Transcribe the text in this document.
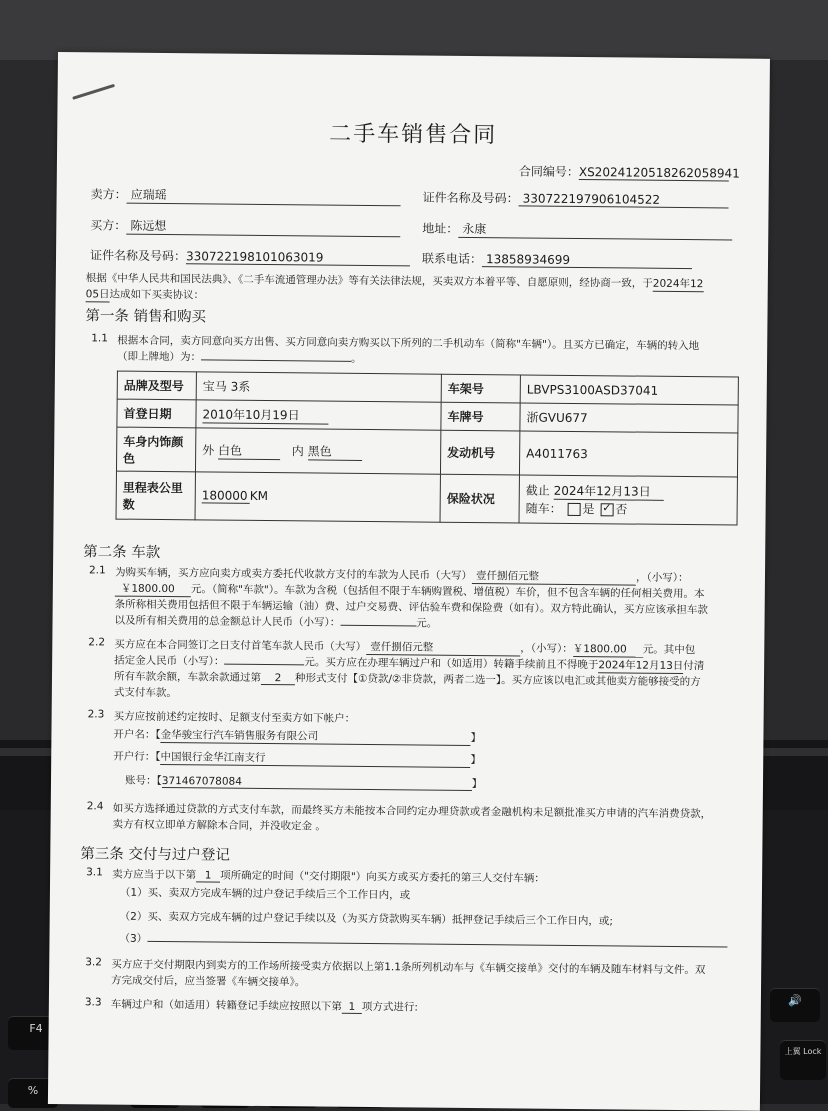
F4
%
🔊
上翼 Lock
二手车销售合同
合同编号：XS2024120518262058941
卖方： 应瑞瑶	证件名称及号码： 330722197906104522
买方： 陈远想	地址： 永康
证件名称及号码：330722198101063019	联系电话： 13858934699
根据《中华人民共和国民法典》、《二手车流通管理办法》等有关法律法规，买卖双方本着平等、自愿原则，经协商一致，于2024年12
05日达成如下买卖协议：
第一条 销售和购买
1.1 根据本合同，卖方同意向买方出售、买方同意向卖方购买以下所列的二手机动车（简称"车辆"）。且买方已确定，车辆的转入地
（即上牌地）为：	。
品牌及型号	宝马 3系	车架号	LBVPS3100ASD37041
首登日期	2010年10月19日	车牌号	浙GVU677
车身内饰颜色	外 白色 内 黑色	发动机号	A4011763
里程表公里数	180000 KM	保险状况	截止 2024年12月13日
随车： 是 ✓ 否
第二条 车款
2.1 为购买车辆，买方应向卖方或卖方委托代收款方支付的车款为人民币（大写） 壹仟捌佰元整	，（小写）：
￥1800.00 元。（简称"车款"）。车款为含税（包括但不限于车辆购置税、增值税）车价，但不包含车辆的任何相关费用。本
条所称相关费用包括但不限于车辆运输（油）费、过户交易费、评估验车费和保险费（如有）。双方特此确认，买方应该承担车款
以及所有相关费用的总金额总计人民币（小写）：	元。
2.2 买方应在本合同签订之日支付首笔车款人民币（大写） 壹仟捌佰元整	，（小写）：￥1800.00 元。其中包
括定金人民币（小写）：	元。买方应在办理车辆过户和（如适用）转籍手续前且不得晚于2024年12月13日付清
所有车款余额，车款余款通过第 2 种形式支付【①贷款/②非贷款，两者二选一】。买方应该以电汇或其他卖方能够接受的方
式支付车款。
2.3 买方应按前述约定按时、足额支付至卖方如下帐户：
开户名：【金华骏宝行汽车销售服务有限公司	】
开户行：【中国银行金华江南支行	】
账号：【371467078084	】
2.4 如买方选择通过贷款的方式支付车款，而最终买方未能按本合同约定办理贷款或者金融机构未足额批准买方申请的汽车消费贷款，
卖方有权立即单方解除本合同，并没收定金 。
第三条 交付与过户登记
3.1 卖方应当于以下第 1 项所确定的时间（"交付期限"）向买方或买方委托的第三人交付车辆：
（1）买、卖双方完成车辆的过户登记手续后三个工作日内，或
（2）买、卖双方完成车辆的过户登记手续以及（为买方贷款购买车辆）抵押登记手续后三个工作日内，或;
（3）
3.2 买方应于交付期限内到卖方的工作场所接受卖方依据以上第1.1条所列机动车与《车辆交接单》交付的车辆及随车材料与文件。双
方完成交付后，应当签署《车辆交接单》。
3.3 车辆过户和（如适用）转籍登记手续应按照以下第 1 项方式进行:
